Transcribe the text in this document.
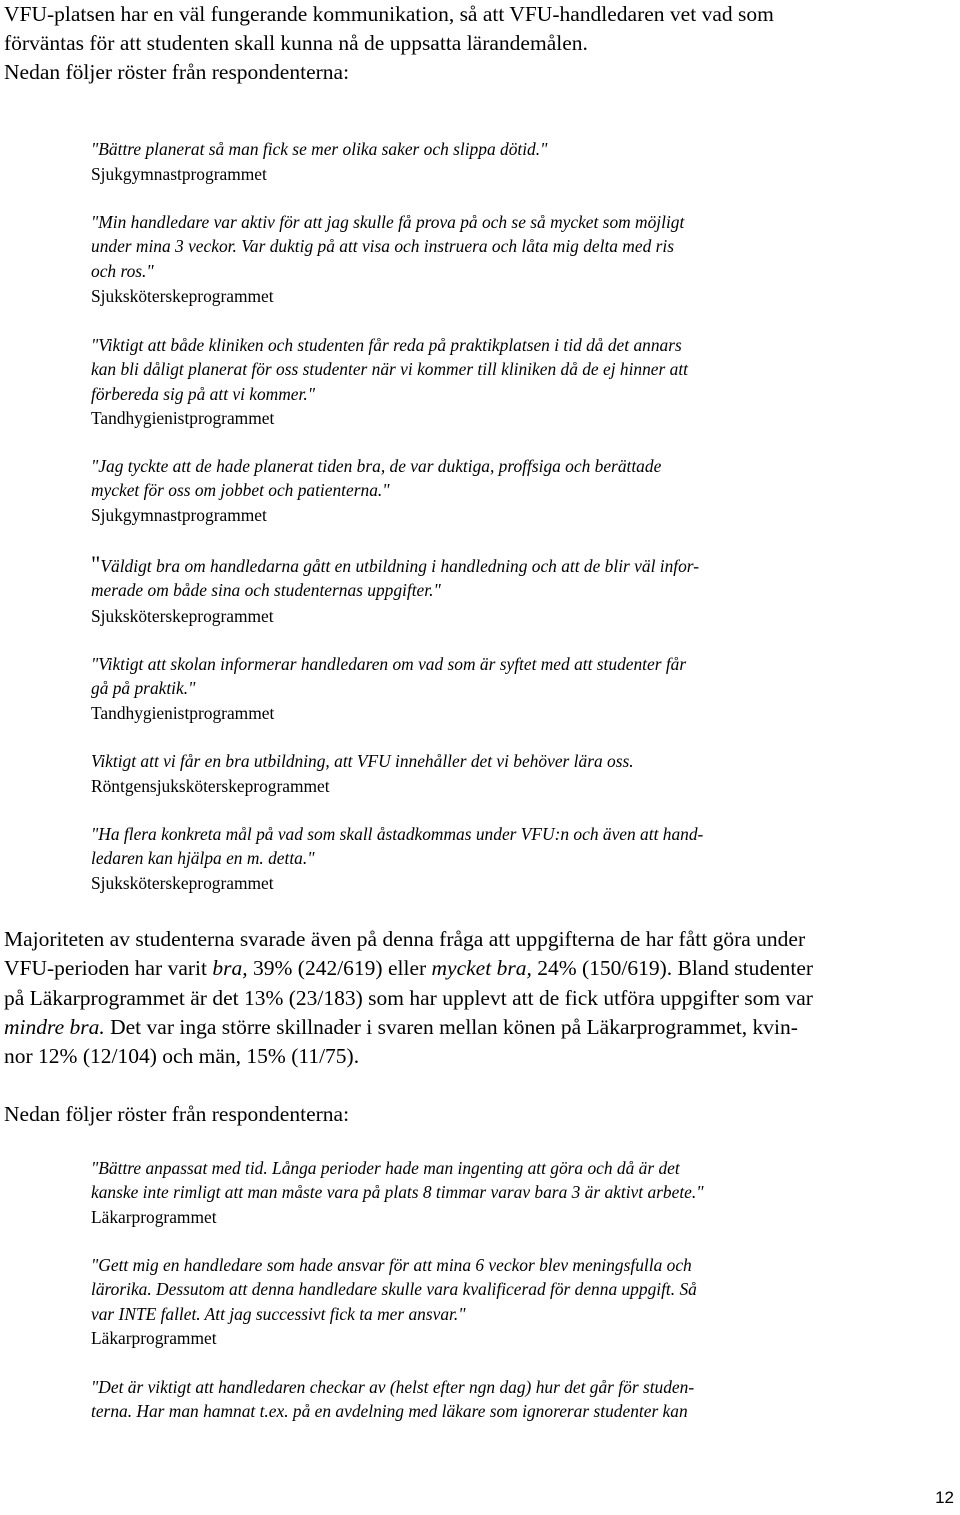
VFU-platsen har en väl fungerande kommunikation, så att VFU-handledaren vet vad som
förväntas för att studenten skall kunna nå de uppsatta lärandemålen.
Nedan följer röster från respondenterna:
"Bättre planerat så man fick se mer olika saker och slippa dötid."
Sjukgymnastprogrammet
"Min handledare var aktiv för att jag skulle få prova på och se så mycket som möjligt
under mina 3 veckor. Var duktig på att visa och instruera och låta mig delta med ris
och ros."
Sjuksköterskeprogrammet
"Viktigt att både kliniken och studenten får reda på praktikplatsen i tid då det annars
kan bli dåligt planerat för oss studenter när vi kommer till kliniken då de ej hinner att
förbereda sig på att vi kommer."
Tandhygienistprogrammet
"Jag tyckte att de hade planerat tiden bra, de var duktiga, proffsiga och berättade
mycket för oss om jobbet och patienterna."
Sjukgymnastprogrammet
"Väldigt bra om handledarna gått en utbildning i handledning och att de blir väl infor-
merade om både sina och studenternas uppgifter."
Sjuksköterskeprogrammet
"Viktigt att skolan informerar handledaren om vad som är syftet med att studenter får
gå på praktik."
Tandhygienistprogrammet
Viktigt att vi får en bra utbildning, att VFU innehåller det vi behöver lära oss.
Röntgensjuksköterskeprogrammet
"Ha flera konkreta mål på vad som skall åstadkommas under VFU:n och även att hand-
ledaren kan hjälpa en m. detta."
Sjuksköterskeprogrammet
Majoriteten av studenterna svarade även på denna fråga att uppgifterna de har fått göra under
VFU-perioden har varit bra, 39% (242/619) eller mycket bra, 24% (150/619). Bland studenter
på Läkarprogrammet är det 13% (23/183) som har upplevt att de fick utföra uppgifter som var
mindre bra. Det var inga större skillnader i svaren mellan könen på Läkarprogrammet, kvin-
nor 12% (12/104) och män, 15% (11/75).
Nedan följer röster från respondenterna:
"Bättre anpassat med tid. Långa perioder hade man ingenting att göra och då är det
kanske inte rimligt att man måste vara på plats 8 timmar varav bara 3 är aktivt arbete."
Läkarprogrammet
"Gett mig en handledare som hade ansvar för att mina 6 veckor blev meningsfulla och
lärorika. Dessutom att denna handledare skulle vara kvalificerad för denna uppgift. Så
var INTE fallet. Att jag successivt fick ta mer ansvar."
Läkarprogrammet
"Det är viktigt att handledaren checkar av (helst efter ngn dag) hur det går för studen-
terna. Har man hamnat t.ex. på en avdelning med läkare som ignorerar studenter kan
12
